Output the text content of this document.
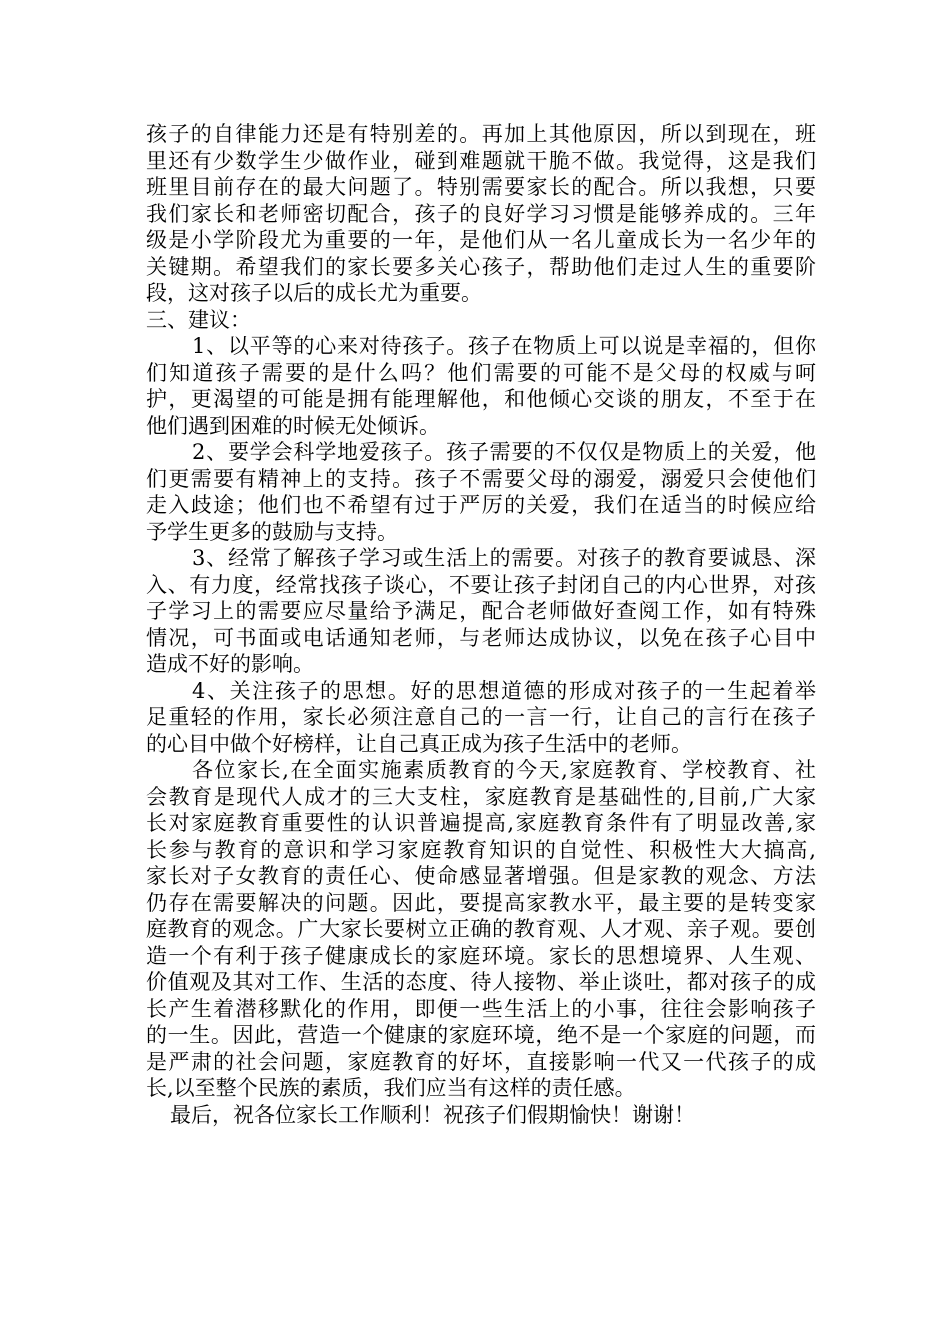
孩子的自律能力还是有特别差的。再加上其他原因，所以到现在，班
里还有少数学生少做作业，碰到难题就干脆不做。我觉得，这是我们
班里目前存在的最大问题了。特别需要家长的配合。所以我想，只要
我们家长和老师密切配合，孩子的良好学习习惯是能够养成的。三年
级是小学阶段尤为重要的一年，是他们从一名儿童成长为一名少年的
关键期。希望我们的家长要多关心孩子，帮助他们走过人生的重要阶
段，这对孩子以后的成长尤为重要。
三、建议：
1、以平等的心来对待孩子。孩子在物质上可以说是幸福的，但你
们知道孩子需要的是什么吗？他们需要的可能不是父母的权威与呵
护，更渴望的可能是拥有能理解他，和他倾心交谈的朋友，不至于在
他们遇到困难的时候无处倾诉。
2、要学会科学地爱孩子。孩子需要的不仅仅是物质上的关爱，他
们更需要有精神上的支持。孩子不需要父母的溺爱，溺爱只会使他们
走入歧途；他们也不希望有过于严厉的关爱，我们在适当的时候应给
予学生更多的鼓励与支持。
3、经常了解孩子学习或生活上的需要。对孩子的教育要诚恳、深
入、有力度，经常找孩子谈心，不要让孩子封闭自己的内心世界，对孩
子学习上的需要应尽量给予满足，配合老师做好查阅工作，如有特殊
情况，可书面或电话通知老师，与老师达成协议，以免在孩子心目中
造成不好的影响。
4、关注孩子的思想。好的思想道德的形成对孩子的一生起着举
足重轻的作用，家长必须注意自己的一言一行，让自己的言行在孩子
的心目中做个好榜样，让自己真正成为孩子生活中的老师。
各位家长,在全面实施素质教育的今天,家庭教育、学校教育、社
会教育是现代人成才的三大支柱，家庭教育是基础性的,目前,广大家
长对家庭教育重要性的认识普遍提高,家庭教育条件有了明显改善,家
长参与教育的意识和学习家庭教育知识的自觉性、积极性大大搞高,
家长对子女教育的责任心、使命感显著增强。但是家教的观念、方法
仍存在需要解决的问题。因此，要提高家教水平，最主要的是转变家
庭教育的观念。广大家长要树立正确的教育观、人才观、亲子观。要创
造一个有利于孩子健康成长的家庭环境。家长的思想境界、人生观、
价值观及其对工作、生活的态度、待人接物、举止谈吐，都对孩子的成
长产生着潜移默化的作用，即便一些生活上的小事，往往会影响孩子
的一生。因此，营造一个健康的家庭环境，绝不是一个家庭的问题，而
是严肃的社会问题，家庭教育的好坏，直接影响一代又一代孩子的成
长,以至整个民族的素质，我们应当有这样的责任感。
最后，祝各位家长工作顺利！祝孩子们假期愉快！谢谢！
